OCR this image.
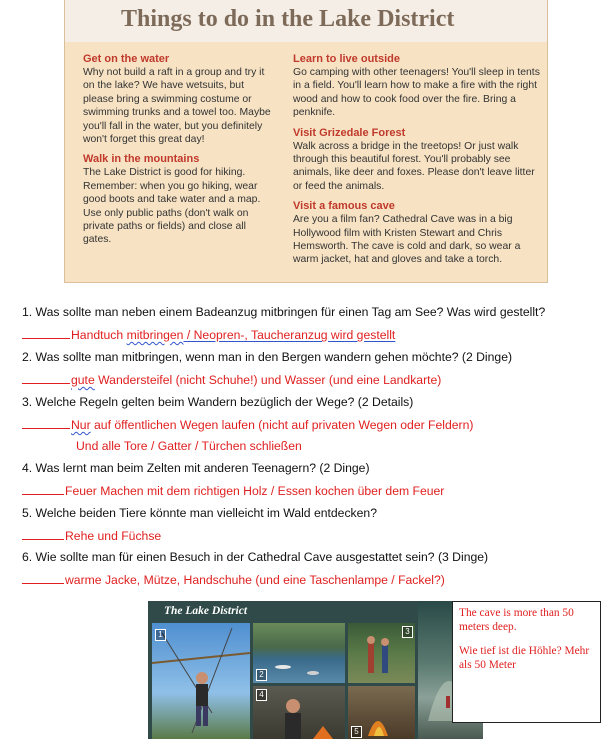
Things to do in the Lake District
Get on the water
Why not build a raft in a group and try it on the lake? We have wetsuits, but please bring a swimming costume or swimming trunks and a towel too. Maybe you'll fall in the water, but you definitely won't forget this great day!
Walk in the mountains
The Lake District is good for hiking. Remember: when you go hiking, wear good boots and take water and a map. Use only public paths (don't walk on private paths or fields) and close all gates.
Learn to live outside
Go camping with other teenagers! You'll sleep in tents in a field. You'll learn how to make a fire with the right wood and how to cook food over the fire. Bring a penknife.
Visit Grizedale Forest
Walk across a bridge in the treetops! Or just walk through this beautiful forest. You'll probably see animals, like deer and foxes. Please don't leave litter or feed the animals.
Visit a famous cave
Are you a film fan? Cathedral Cave was in a big Hollywood film with Kristen Stewart and Chris Hemsworth. The cave is cold and dark, so wear a warm jacket, hat and gloves and take a torch.
1. Was sollte man neben einem Badeanzug mitbringen für einen Tag am See? Was wird gestellt?
Handtuch mitbringen / Neopren-, Taucheranzug wird gestellt
2. Was sollte man mitbringen, wenn man in den Bergen wandern gehen möchte? (2 Dinge)
gute Wandersteifel (nicht Schuhe!) und Wasser (und eine Landkarte)
3. Welche Regeln gelten beim Wandern bezüglich der Wege? (2 Details)
Nur auf öffentlichen Wegen laufen (nicht auf privaten Wegen oder Feldern)
Und alle Tore / Gatter / Türchen schließen
4. Was lernt man beim Zelten mit anderen Teenagern? (2 Dinge)
Feuer Machen mit dem richtigen Holz / Essen kochen über dem Feuer
5. Welche beiden Tiere könnte man vielleicht im Wald entdecken?
Rehe und Füchse
6. Wie sollte man für einen Besuch in der Cathedral Cave ausgestattet sein? (3 Dinge)
warme Jacke, Mütze, Handschuhe (und eine Taschenlampe / Fackel?)
The Lake District
1
2
3
4
5

The cave is more than 50 meters deep.

Wie tief ist die Höhle? Mehr als 50 Meter
